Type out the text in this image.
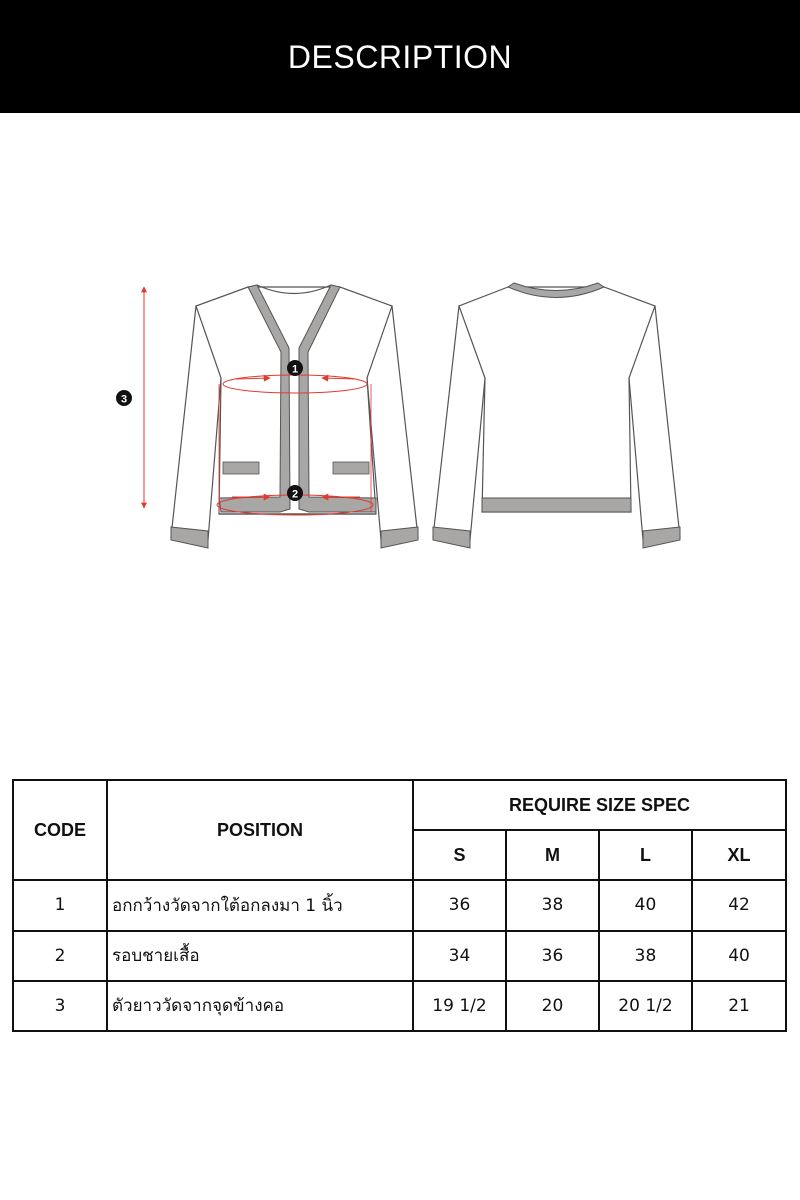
DESCRIPTION
1
2
3
CODE	POSITION	REQUIRE SIZE SPEC			
		S	M	L	XL
1	อกกว้างวัดจากใต้อกลงมา 1 นิ้ว	36	38	40	42
2	รอบชายเสื้อ	34	36	38	40
3	ตัวยาววัดจากจุดข้างคอ	19 1/2	20	20 1/2	21
